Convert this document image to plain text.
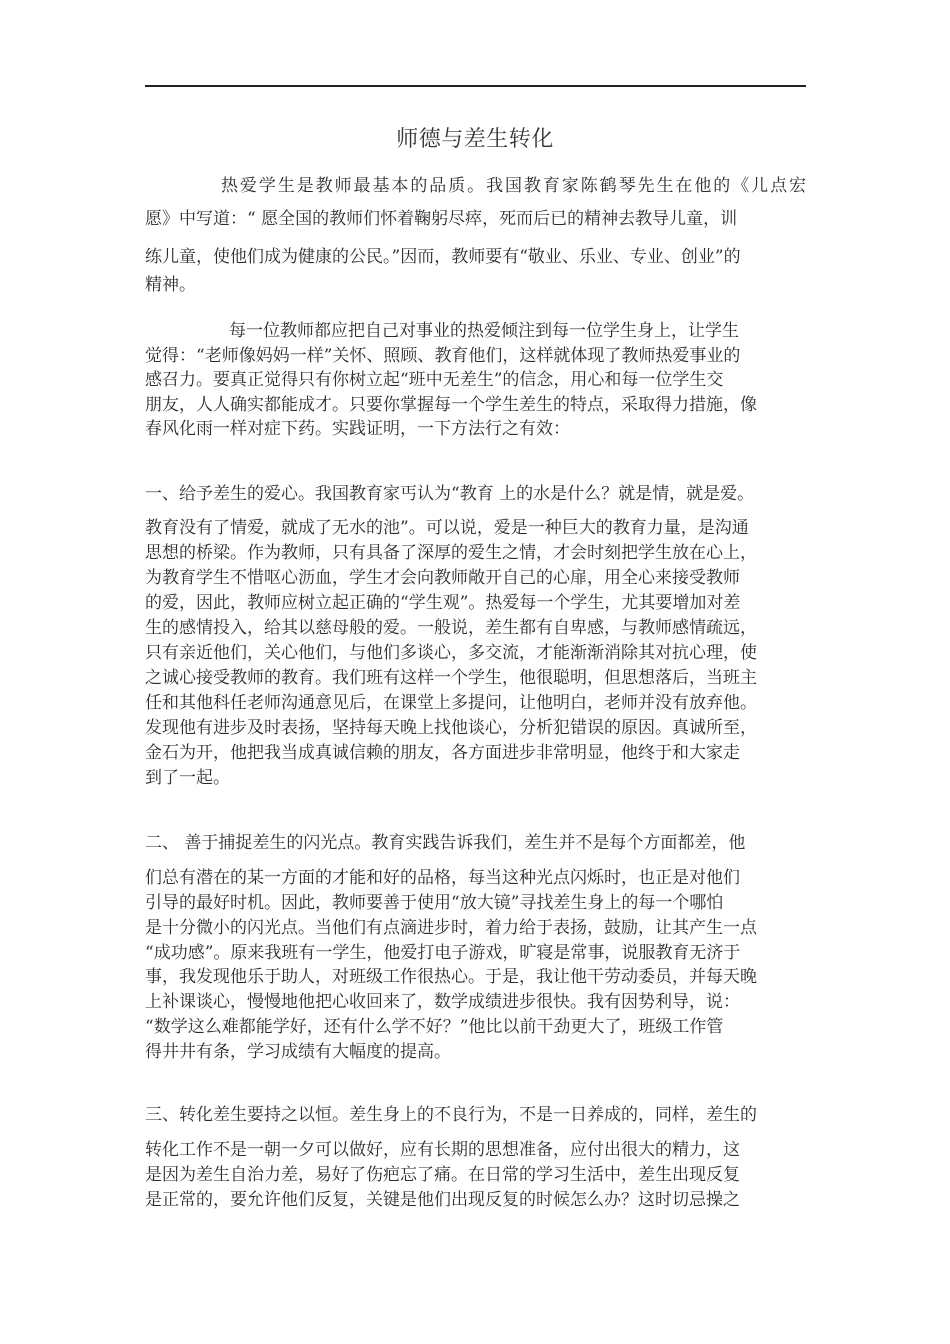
师德与差生转化
热爱学生是教师最基本的品质。我国教育家陈鹤琴先生在他的《儿点宏
愿》中写道：“ 愿全国的教师们怀着鞠躬尽瘁，死而后已的精神去教导儿童，训
练儿童，使他们成为健康的公民。”因而，教师要有“敬业、乐业、专业、创业”的
精神。
每一位教师都应把自己对事业的热爱倾注到每一位学生身上，让学生
觉得：“老师像妈妈一样”关怀、照顾、教育他们，这样就体现了教师热爱事业的
感召力。要真正觉得只有你树立起“班中无差生”的信念，用心和每一位学生交
朋友，人人确实都能成才。只要你掌握每一个学生差生的特点，采取得力措施，像
春风化雨一样对症下药。实践证明，一下方法行之有效：
一、给予差生的爱心。我国教育家丐认为“教育 上的水是什么？就是情，就是爱。
教育没有了情爱，就成了无水的池”。可以说，爱是一种巨大的教育力量，是沟通
思想的桥梁。作为教师，只有具备了深厚的爱生之情，才会时刻把学生放在心上，
为教育学生不惜呕心沥血，学生才会向教师敞开自己的心扉，用全心来接受教师
的爱，因此，教师应树立起正确的“学生观”。热爱每一个学生，尤其要增加对差
生的感情投入，给其以慈母般的爱。一般说，差生都有自卑感，与教师感情疏远，
只有亲近他们，关心他们，与他们多谈心，多交流，才能渐渐消除其对抗心理，使
之诚心接受教师的教育。我们班有这样一个学生，他很聪明，但思想落后，当班主
任和其他科任老师沟通意见后，在课堂上多提问，让他明白，老师并没有放弃他。
发现他有进步及时表扬，坚持每天晚上找他谈心，分析犯错误的原因。真诚所至，
金石为开，他把我当成真诚信赖的朋友，各方面进步非常明显，他终于和大家走
到了一起。
二、 善于捕捉差生的闪光点。教育实践告诉我们，差生并不是每个方面都差，他
们总有潜在的某一方面的才能和好的品格，每当这种光点闪烁时，也正是对他们
引导的最好时机。因此，教师要善于使用“放大镜”寻找差生身上的每一个哪怕
是十分微小的闪光点。当他们有点滴进步时，着力给于表扬，鼓励，让其产生一点
“成功感”。原来我班有一学生，他爱打电子游戏，旷寝是常事，说服教育无济于
事，我发现他乐于助人，对班级工作很热心。于是，我让他干劳动委员，并每天晚
上补课谈心，慢慢地他把心收回来了，数学成绩进步很快。我有因势利导，说：
“数学这么难都能学好，还有什么学不好？”他比以前干劲更大了，班级工作管
得井井有条，学习成绩有大幅度的提高。
三、转化差生要持之以恒。差生身上的不良行为，不是一日养成的，同样，差生的
转化工作不是一朝一夕可以做好，应有长期的思想准备，应付出很大的精力，这
是因为差生自治力差，易好了伤疤忘了痛。在日常的学习生活中，差生出现反复
是正常的，要允许他们反复，关键是他们出现反复的时候怎么办？这时切忌操之
